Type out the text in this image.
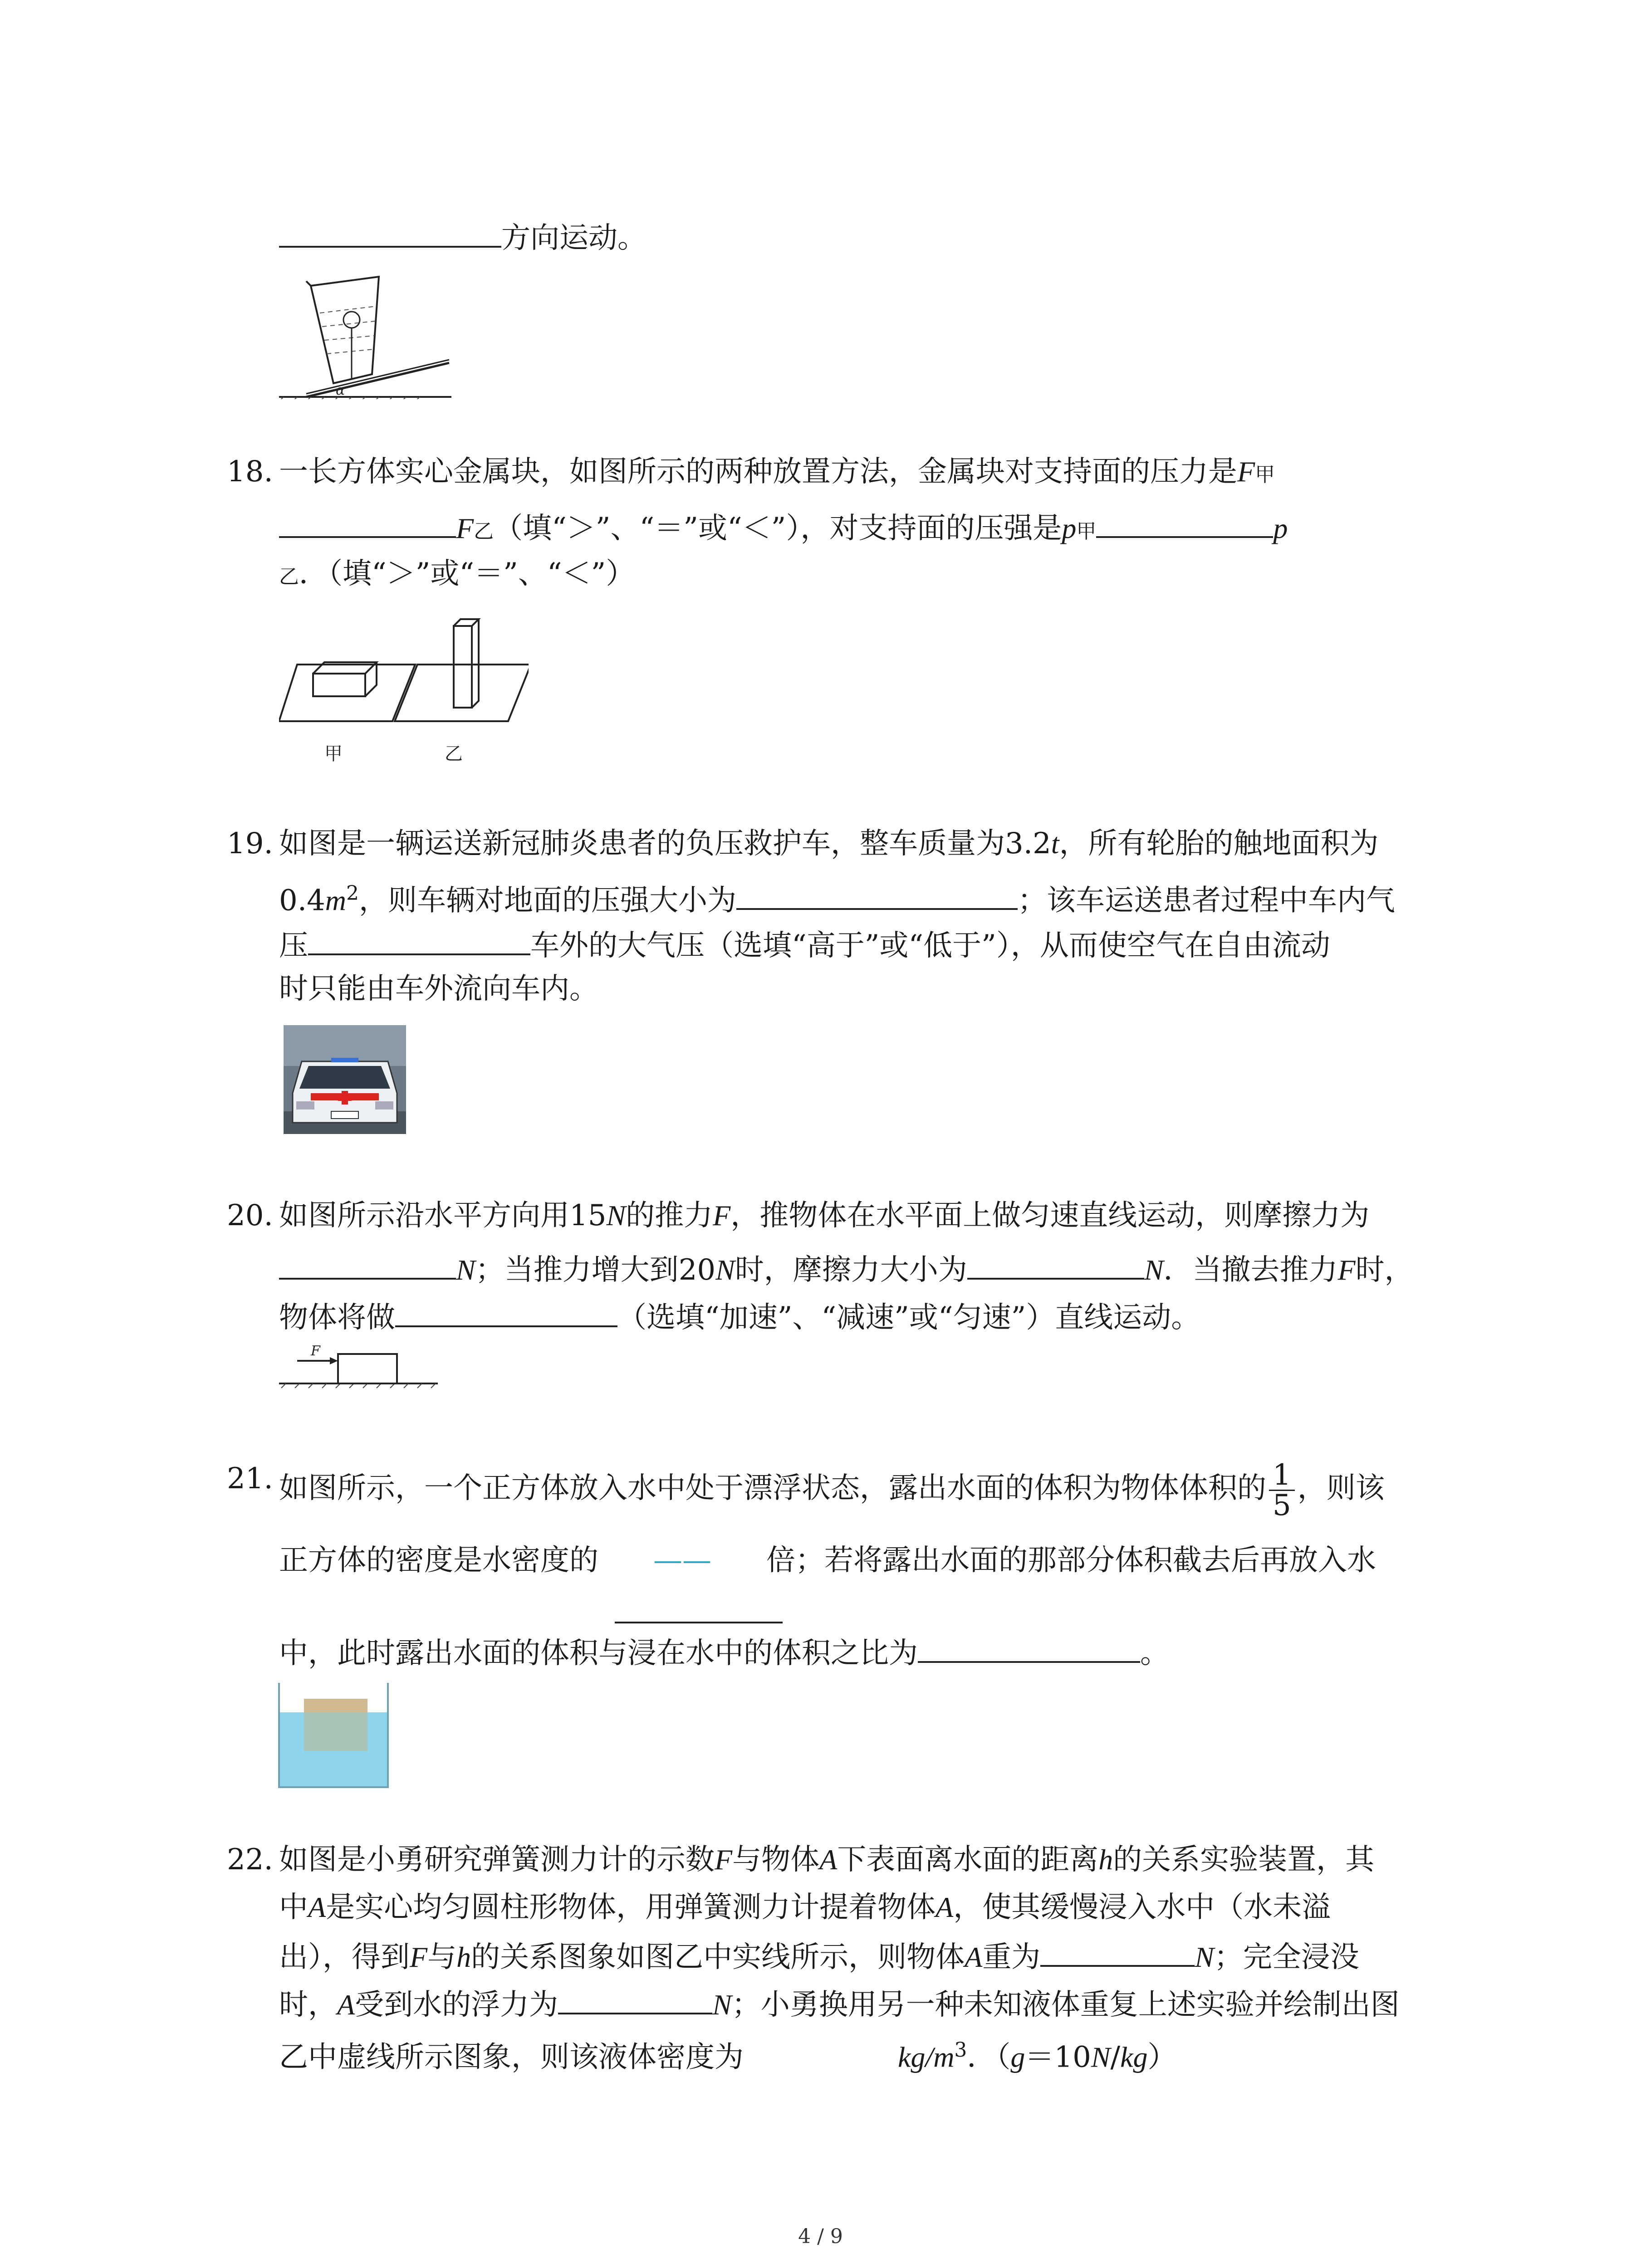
方向运动。
α
18. 一长方体实心金属块，如图所示的两种放置方法，金属块对支持面的压力是F甲
F乙（填“＞”、“＝”或“＜”），对支持面的压强是p甲	p
乙．（填“＞”或“＝”、“＜”）
甲	乙
19. 如图是一辆运送新冠肺炎患者的负压救护车，整车质量为3.2t，所有轮胎的触地面积为
$0.4m^2$，则车辆对地面的压强大小为	；该车运送患者过程中车内气
压	车外的大气压（选填“高于”或“低于”），从而使空气在自由流动
时只能由车外流向车内。
20. 如图所示沿水平方向用15N的推力F，推物体在水平面上做匀速直线运动，则摩擦力为
N；当推力增大到20N时，摩擦力大小为	N．当撤去推力F时，
物体将做	（选填“加速”、“减速”或“匀速”）直线运动。
F
21. 如图所示，一个正方体放入水中处于漂浮状态，露出水面的体积为物体体积的 $\frac{1}{5}$ ，则该
正方体的密度是水密度的 —— 倍；若将露出水面的那部分体积截去后再放入水
中，此时露出水面的体积与浸在水中的体积之比为	。
22. 如图是小勇研究弹簧测力计的示数F与物体A下表面离水面的距离h的关系实验装置，其
中A是实心均匀圆柱形物体，用弹簧测力计提着物体A，使其缓慢浸入水中（水未溢
出），得到F与h的关系图象如图乙中实线所示，则物体A重为	N；完全浸没
时，A受到水的浮力为	N；小勇换用另一种未知液体重复上述实验并绘制出图
乙中虚线所示图象，则该液体密度为	$kg/m^3$．（g＝10N/kg）
4 / 9
